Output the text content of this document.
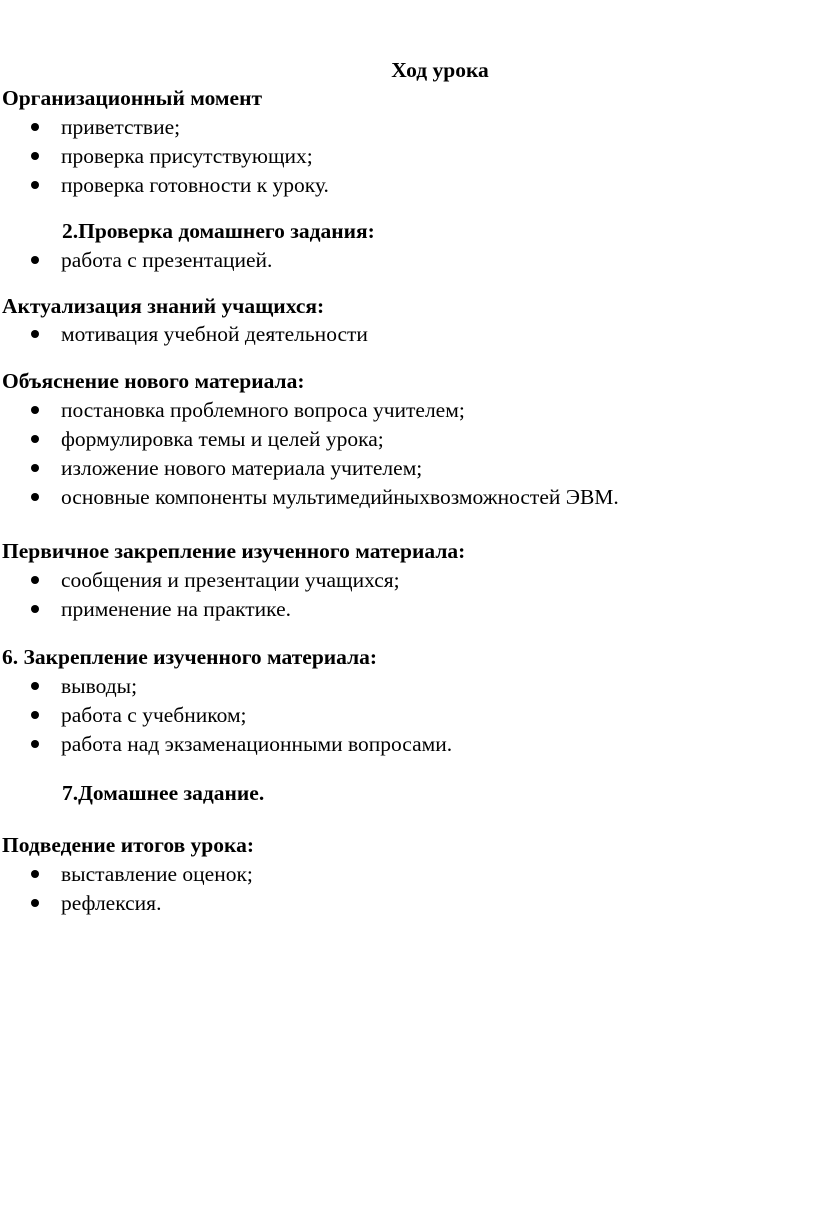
Ход урока
Организационный момент
приветствие;
проверка присутствующих;
проверка готовности к уроку.
2.Проверка домашнего задания:
работа с презентацией.
Актуализация знаний учащихся:
мотивация учебной деятельности
Объяснение нового материала:
постановка проблемного вопроса учителем;
формулировка темы и целей урока;
изложение нового материала учителем;
основные компоненты мультимедийныхвозможностей ЭВМ.
Первичное закрепление изученного материала:
сообщения и презентации учащихся;
применение на практике.
6. Закрепление изученного материала:
выводы;
работа с учебником;
работа над экзаменационными вопросами.
7.Домашнее задание.
Подведение итогов урока:
выставление оценок;
рефлексия.
